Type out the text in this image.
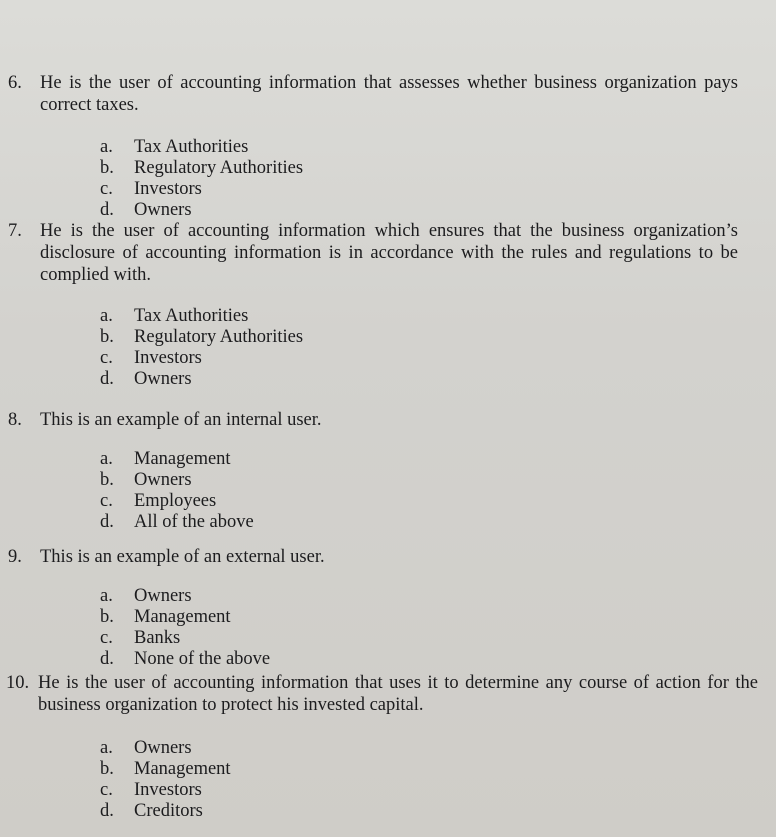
6. He is the user of accounting information that assesses whether business organization pays correct taxes.
a.	Tax Authorities
b.	Regulatory Authorities
c.	Investors
d.	Owners
7. He is the user of accounting information which ensures that the business organization’s disclosure of accounting information is in accordance with the rules and regulations to be complied with.
a.	Tax Authorities
b.	Regulatory Authorities
c.	Investors
d.	Owners
8. This is an example of an internal user.
a.	Management
b.	Owners
c.	Employees
d.	All of the above
9. This is an example of an external user.
a.	Owners
b.	Management
c.	Banks
d.	None of the above
10. He is the user of accounting information that uses it to determine any course of action for the business organization to protect his invested capital.
a.	Owners
b.	Management
c.	Investors
d.	Creditors
